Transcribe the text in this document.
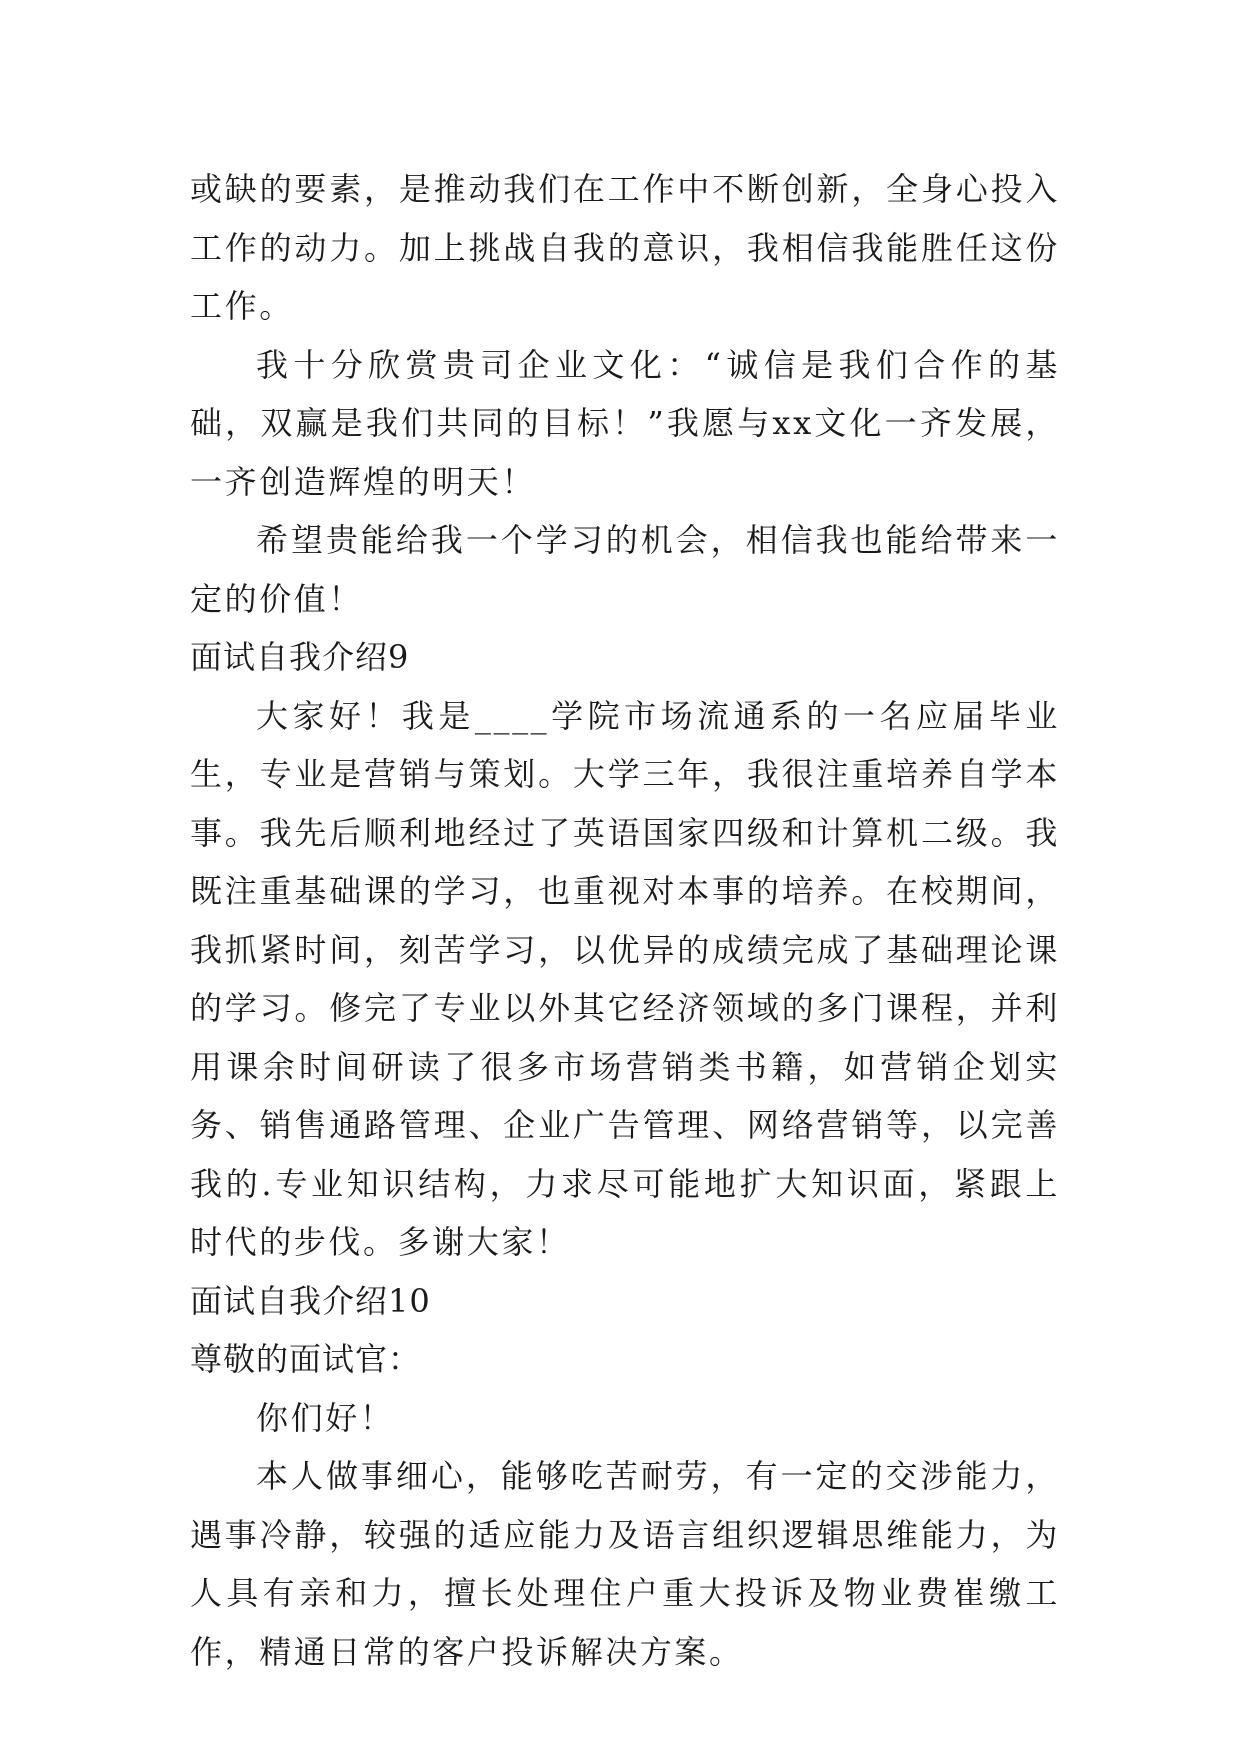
或缺的要素，是推动我们在工作中不断创新，全身心投入工作的动力。加上挑战自我的意识，我相信我能胜任这份工作。

我十分欣赏贵司企业文化：“诚信是我们合作的基础，双赢是我们共同的目标！”我愿与xx文化一齐发展，一齐创造辉煌的明天！

希望贵能给我一个学习的机会，相信我也能给带来一定的价值！

面试自我介绍9

大家好！我是____学院市场流通系的一名应届毕业生，专业是营销与策划。大学三年，我很注重培养自学本事。我先后顺利地经过了英语国家四级和计算机二级。我既注重基础课的学习，也重视对本事的培养。在校期间，我抓紧时间，刻苦学习，以优异的成绩完成了基础理论课的学习。修完了专业以外其它经济领域的多门课程，并利用课余时间研读了很多市场营销类书籍，如营销企划实务、销售通路管理、企业广告管理、网络营销等，以完善我的.专业知识结构，力求尽可能地扩大知识面，紧跟上时代的步伐。多谢大家！

面试自我介绍10

尊敬的面试官：

你们好！

本人做事细心，能够吃苦耐劳，有一定的交涉能力，遇事冷静，较强的适应能力及语言组织逻辑思维能力，为人具有亲和力，擅长处理住户重大投诉及物业费崔缴工作，精通日常的客户投诉解决方案。
